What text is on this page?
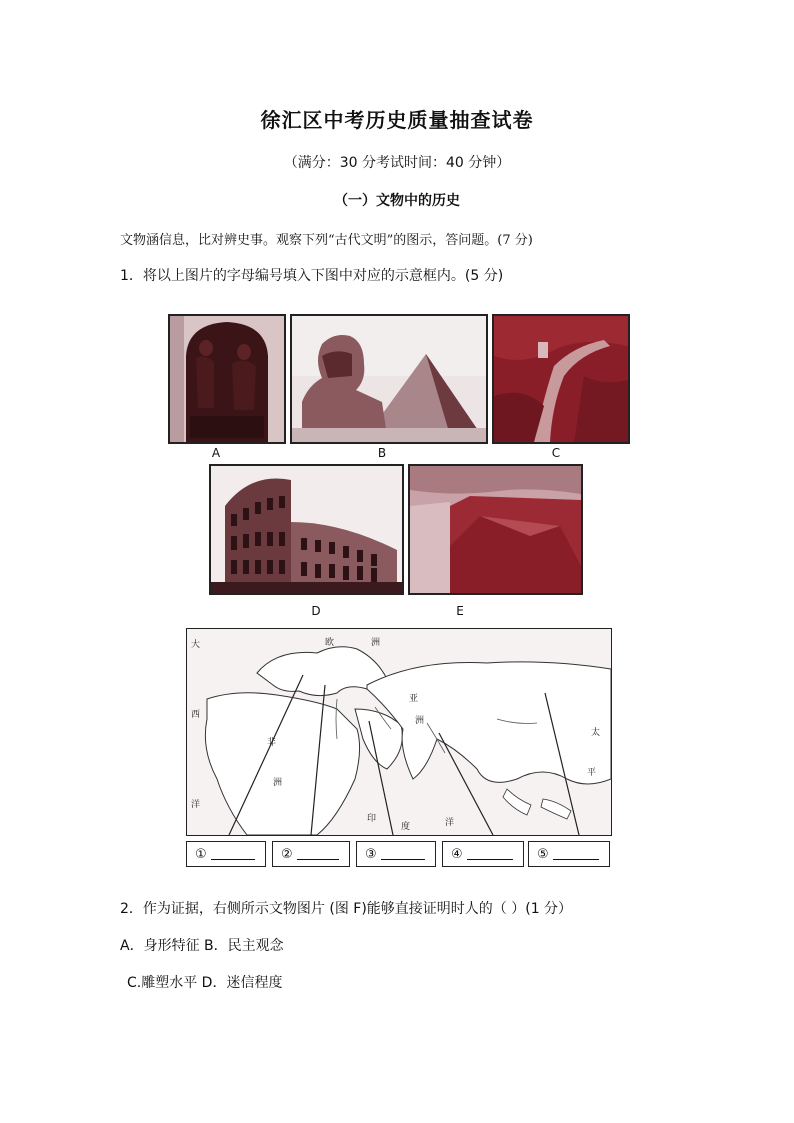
徐汇区中考历史质量抽查试卷
（满分：30 分考试时间：40 分钟）
（一）文物中的历史
文物涵信息，比对辨史事。观察下列“古代文明”的图示，答问题。(7 分)
1．将以上图片的字母编号填入下图中对应的示意框内。(5 分)
A	B	C
D	E
大
西
洋
欧	洲
非
洲
亚
洲
印
度	洋
太
平
①	②	③	④	⑤
2．作为证据，右侧所示文物图片 (图 F)能够直接证明时人的（ ）(1 分）
A．身形特征 B．民主观念
C.雕塑水平 D．迷信程度
